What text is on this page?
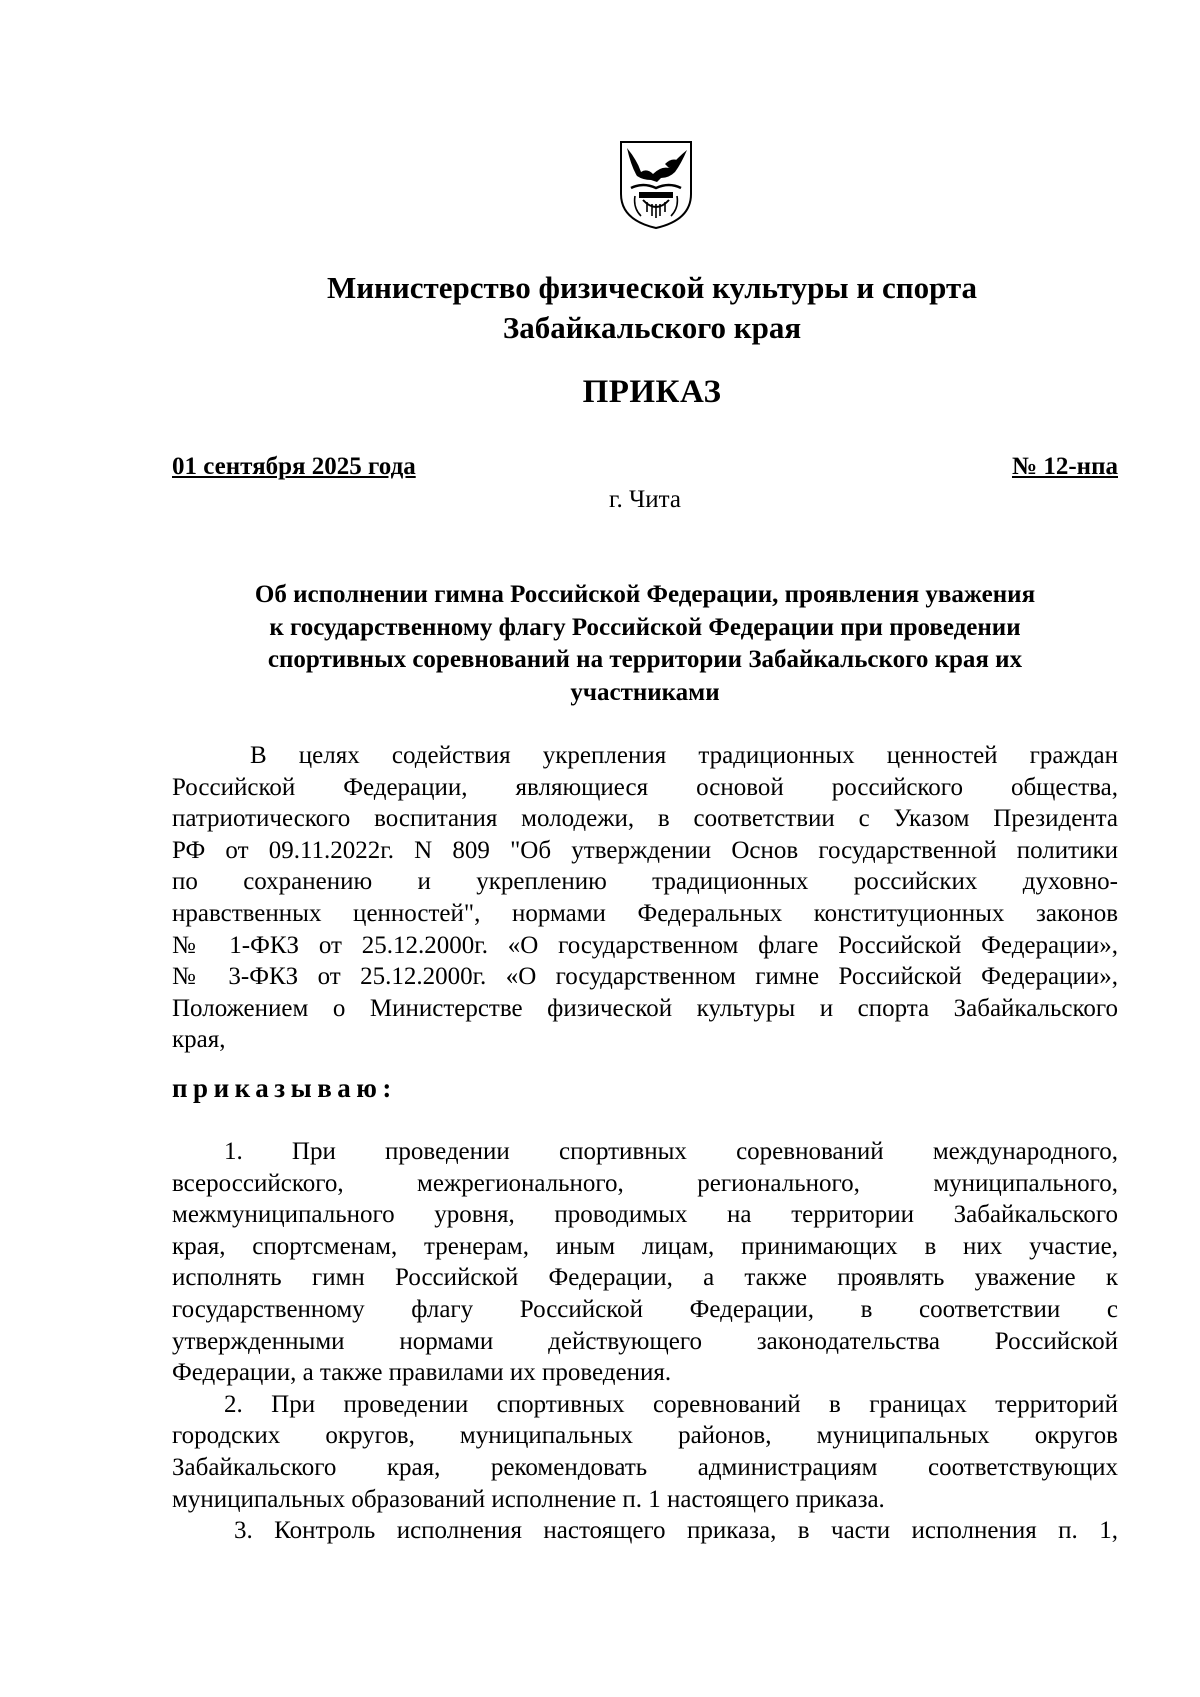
Министерство физической культуры и спорта
Забайкальского края
ПРИКАЗ
01 сентября 2025 года	№ 12-нпа
г. Чита
Об исполнении гимна Российской Федерации, проявления уважения
к государственному флагу Российской Федерации при проведении
спортивных соревнований на территории Забайкальского края их
участниками
В целях содействия укрепления традиционных ценностей граждан
Российской Федерации, являющиеся основой российского общества,
патриотического воспитания молодежи, в соответствии с Указом Президента
РФ от 09.11.2022г. N 809 "Об утверждении Основ государственной политики
по сохранению и укреплению традиционных российских духовно-
нравственных ценностей", нормами Федеральных конституционных законов
№ 1-ФКЗ от 25.12.2000г. «О государственном флаге Российской Федерации»,
№ 3-ФКЗ от 25.12.2000г. «О государственном гимне Российской Федерации»,
Положением о Министерстве физической культуры и спорта Забайкальского
края,
приказываю:
1. При проведении спортивных соревнований международного,
всероссийского, межрегионального, регионального, муниципального,
межмуниципального уровня, проводимых на территории Забайкальского
края, спортсменам, тренерам, иным лицам, принимающих в них участие,
исполнять гимн Российской Федерации, а также проявлять уважение к
государственному флагу Российской Федерации, в соответствии с
утвержденными нормами действующего законодательства Российской
Федерации, а также правилами их проведения.
2. При проведении спортивных соревнований в границах территорий
городских округов, муниципальных районов, муниципальных округов
Забайкальского края, рекомендовать администрациям соответствующих
муниципальных образований исполнение п. 1 настоящего приказа.
3. Контроль исполнения настоящего приказа, в части исполнения п. 1,
